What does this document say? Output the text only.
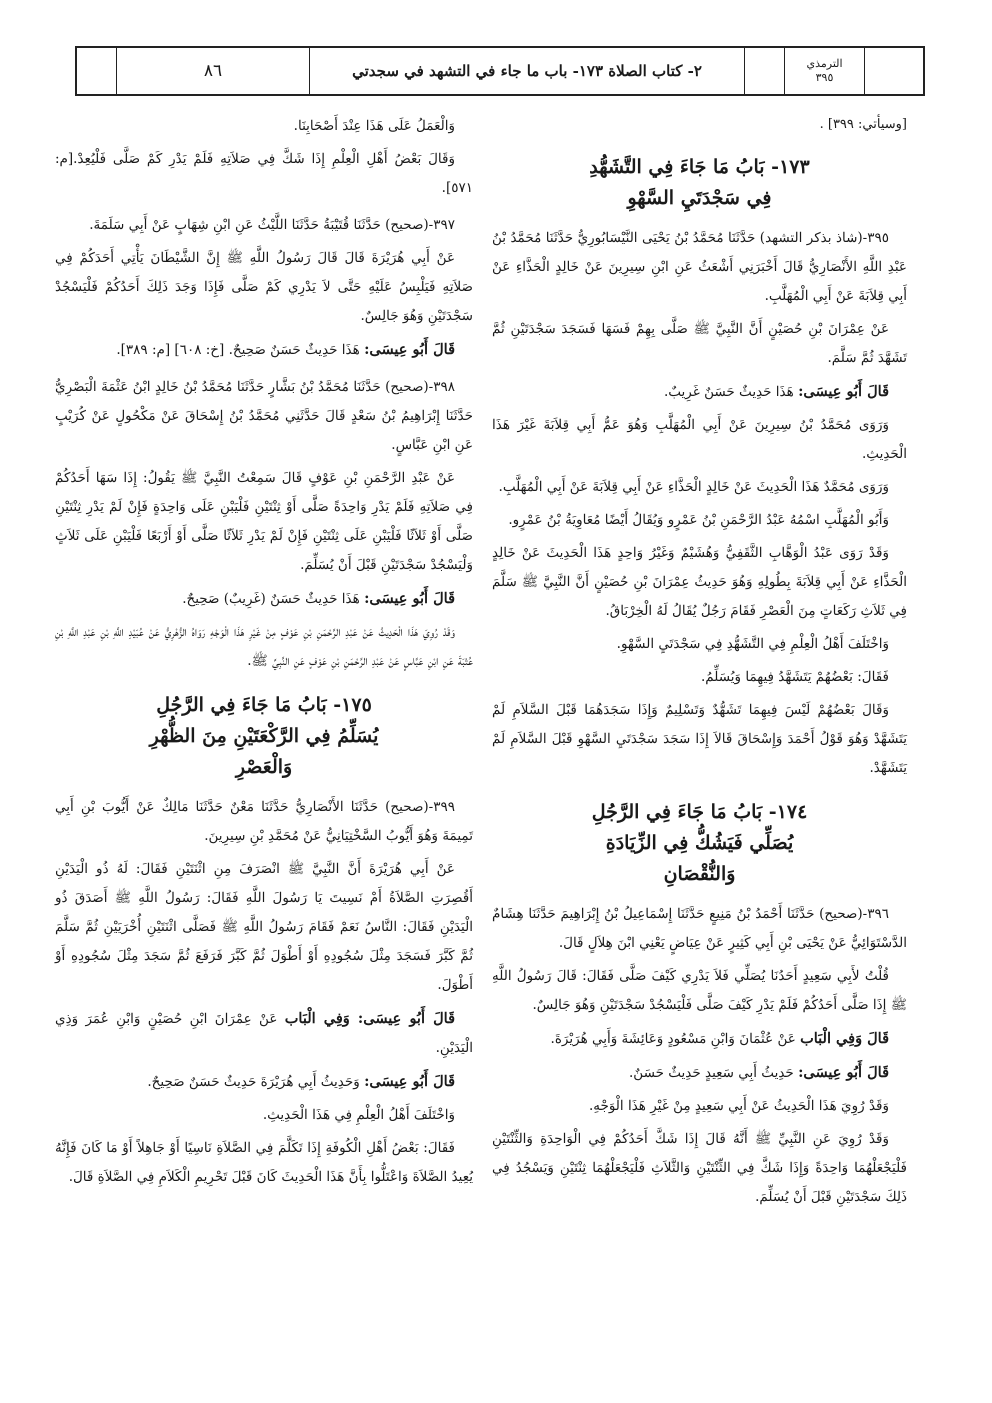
٨٦	٢- كتاب الصلاة ١٧٣- باب ما جاء في التشهد في سجدتي	الترمذي
٣٩٥
[وسيأتي: ٣٩٩] .
١٧٣- بَابُ مَا جَاءَ فِي التَّشَهُّدِ
فِي سَجْدَتَيِ السَّهْوِ

٣٩٥-(شاذ بذكر التشهد) حَدَّثَنَا مُحَمَّدُ بْنُ يَحْيَى النَّيْسَابُورِيُّ حَدَّثَنَا مُحَمَّدُ بْنُ عَبْدِ اللَّهِ الأَنْصَارِيُّ قَالَ أَخْبَرَنِي أَشْعَثُ عَنِ ابْنِ سِيرِينَ عَنْ خَالِدٍ الْحَذَّاءِ عَنْ أَبِي قِلاَبَةَ عَنْ أَبِي الْمُهَلَّبِ.

عَنْ عِمْرَانَ بْنِ حُصَيْنٍ أَنَّ النَّبِيَّ ﷺ صَلَّى بِهِمْ فَسَهَا فَسَجَدَ سَجْدَتَيْنِ ثُمَّ تَشَهَّدَ ثُمَّ سَلَّمَ.

قَالَ أَبُو عِيسَى: هَذَا حَدِيثٌ حَسَنٌ غَرِيبٌ.

وَرَوَى مُحَمَّدُ بْنُ سِيرِينَ عَنْ أَبِي الْمُهَلَّبِ وَهُوَ عَمُّ أَبِي قِلاَبَةَ غَيْرَ هَذَا الْحَدِيثِ.

وَرَوَى مُحَمَّدٌ هَذَا الْحَدِيثَ عَنْ خَالِدٍ الْحَذَّاءِ عَنْ أَبِي قِلاَبَةَ عَنْ أَبِي الْمُهَلَّبِ.

وَأَبُو الْمُهَلَّبِ اسْمُهُ عَبْدُ الرَّحْمَنِ بْنُ عَمْرٍو وَيُقَالُ أَيْضًا مُعَاوِيَةُ بْنُ عَمْرٍو.

وَقَدْ رَوَى عَبْدُ الْوَهَّابِ الثَّقَفِيُّ وَهُشَيْمٌ وَغَيْرُ وَاحِدٍ هَذَا الْحَدِيثَ عَنْ خَالِدٍ الْحَذَّاءِ عَنْ أَبِي قِلاَبَةَ بِطُولِهِ وَهُوَ حَدِيثُ عِمْرَانَ بْنِ حُصَيْنٍ أَنَّ النَّبِيَّ ﷺ سَلَّمَ فِي ثَلاَثِ رَكَعَاتٍ مِنَ الْعَصْرِ فَقَامَ رَجُلٌ يُقَالُ لَهُ الْخِرْبَاقُ.

وَاخْتَلَفَ أَهْلُ الْعِلْمِ فِي التَّشَهُّدِ فِي سَجْدَتَيِ السَّهْوِ.

فَقَالَ: بَعْضُهُمْ يَتَشَهَّدُ فِيهِمَا وَيُسَلِّمُ.

وَقَالَ بَعْضُهُمْ لَيْسَ فِيهِمَا تَشَهُّدٌ وَتَسْلِيمٌ وَإِذَا سَجَدَهُمَا قَبْلَ السَّلاَمِ لَمْ يَتَشَهَّدْ وَهُوَ قَوْلُ أَحْمَدَ وَإِسْحَاقَ قَالاَ إِذَا سَجَدَ سَجْدَتَيِ السَّهْوِ قَبْلَ السَّلاَمِ لَمْ يَتَشَهَّدْ.

١٧٤- بَابُ مَا جَاءَ فِي الرَّجُلِ
يُصَلِّي فَيَشُكُّ فِي الزِّيَادَةِ
وَالنُّقْصَانِ

٣٩٦-(صحيح) حَدَّثَنَا أَحْمَدُ بْنُ مَنِيعٍ حَدَّثَنَا إِسْمَاعِيلُ بْنُ إِبْرَاهِيمَ حَدَّثَنَا هِشَامٌ الدَّسْتَوَائِيُّ عَنْ يَحْيَى بْنِ أَبِي كَثِيرٍ عَنْ عِيَاضٍ يَعْنِي ابْنَ هِلاَلٍ قَالَ.

قُلْتُ لأَبِي سَعِيدٍ أَحَدُنَا يُصَلِّي فَلاَ يَدْرِي كَيْفَ صَلَّى فَقَالَ: قَالَ رَسُولُ اللَّهِ ﷺ إِذَا صَلَّى أَحَدُكُمْ فَلَمْ يَدْرِ كَيْفَ صَلَّى فَلْيَسْجُدْ سَجْدَتَيْنِ وَهُوَ جَالِسٌ.

قَالَ وَفِي الْبَاب عَنْ عُثْمَانَ وَابْنِ مَسْعُودٍ وَعَائِشَةَ وَأَبِي هُرَيْرَةَ.

قَالَ أَبُو عِيسَى: حَدِيثُ أَبِي سَعِيدٍ حَدِيثٌ حَسَنٌ.

وَقَدْ رُوِيَ هَذَا الْحَدِيثُ عَنْ أَبِي سَعِيدٍ مِنْ غَيْرِ هَذَا الْوَجْهِ.

وَقَدْ رُوِيَ عَنِ النَّبِيِّ ﷺ أَنَّهُ قَالَ إِذَا شَكَّ أَحَدُكُمْ فِي الْوَاحِدَةِ وَالثِّنْتَيْنِ فَلْيَجْعَلْهُمَا وَاحِدَةً وَإِذَا شَكَّ فِي الثِّنْتَيْنِ وَالثَّلاَثِ فَلْيَجْعَلْهُمَا ثِنْتَيْنِ وَيَسْجُدُ فِي ذَلِكَ سَجْدَتَيْنِ قَبْلَ أَنْ يُسَلِّمَ.

وَالْعَمَلُ عَلَى هَذَا عِنْدَ أَصْحَابِنَا.

وَقَالَ بَعْضُ أَهْلِ الْعِلْمِ إِذَا شَكَّ فِي صَلاَتِهِ فَلَمْ يَدْرِ كَمْ صَلَّى فَلْيُعِدْ.[م: ٥٧١].

٣٩٧-(صحيح) حَدَّثَنَا قُتَيْبَةُ حَدَّثَنَا اللَّيْثُ عَنِ ابْنِ شِهَابٍ عَنْ أَبِي سَلَمَةَ.

عَنْ أَبِي هُرَيْرَةَ قَالَ قَالَ رَسُولُ اللَّهِ ﷺ إِنَّ الشَّيْطَانَ يَأْتِي أَحَدَكُمْ فِي صَلاَتِهِ فَيَلْبِسُ عَلَيْهِ حَتَّى لاَ يَدْرِي كَمْ صَلَّى فَإِذَا وَجَدَ ذَلِكَ أَحَدُكُمْ فَلْيَسْجُدْ سَجْدَتَيْنِ وَهُوَ جَالِسٌ.

قَالَ أَبُو عِيسَى: هَذَا حَدِيثٌ حَسَنٌ صَحِيحٌ. [خ: ٦٠٨] [م: ٣٨٩].

٣٩٨-(صحيح) حَدَّثَنَا مُحَمَّدُ بْنُ بَشَّارٍ حَدَّثَنَا مُحَمَّدُ بْنُ خَالِدٍ ابْنُ عَثْمَةَ الْبَصْرِيُّ حَدَّثَنَا إِبْرَاهِيمُ بْنُ سَعْدٍ قَالَ حَدَّثَنِي مُحَمَّدُ بْنُ إِسْحَاقَ عَنْ مَكْحُولٍ عَنْ كُرَيْبٍ عَنِ ابْنِ عَبَّاسٍ.

عَنْ عَبْدِ الرَّحْمَنِ بْنِ عَوْفٍ قَالَ سَمِعْتُ النَّبِيَّ ﷺ يَقُولُ: إِذَا سَهَا أَحَدُكُمْ فِي صَلاَتِهِ فَلَمْ يَدْرِ وَاحِدَةً صَلَّى أَوْ ثِنْتَيْنِ فَلْيَبْنِ عَلَى وَاحِدَةٍ فَإِنْ لَمْ يَدْرِ ثِنْتَيْنِ صَلَّى أَوْ ثَلاَثًا فَلْيَبْنِ عَلَى ثِنْتَيْنِ فَإِنْ لَمْ يَدْرِ ثَلاَثًا صَلَّى أَوْ أَرْبَعًا فَلْيَبْنِ عَلَى ثَلاَثٍ وَلْيَسْجُدْ سَجْدَتَيْنِ قَبْلَ أَنْ يُسَلِّمَ.

قَالَ أَبُو عِيسَى: هَذَا حَدِيثٌ حَسَنٌ (غَرِيبٌ) صَحِيحٌ.

وَقَدْ رُوِيَ هَذَا الْحَدِيثُ عَنْ عَبْدِ الرَّحْمَنِ بْنِ عَوْفٍ مِنْ غَيْرِ هَذَا الْوَجْهِ رَوَاهُ الزُّهْرِيُّ عَنْ عُبَيْدِ اللَّهِ بْنِ عَبْدِ اللَّهِ بْنِ عُتْبَةَ عَنِ ابْنِ عَبَّاسٍ عَنْ عَبْدِ الرَّحْمَنِ بْنِ عَوْفٍ عَنِ النَّبِيِّ ﷺ.

١٧٥- بَابُ مَا جَاءَ فِي الرَّجُلِ
يُسَلِّمُ فِي الرَّكْعَتَيْنِ مِنَ الظُّهْرِ
وَالْعَصْرِ

٣٩٩-(صحيح) حَدَّثَنَا الأَنْصَارِيُّ حَدَّثَنَا مَعْنٌ حَدَّثَنَا مَالِكٌ عَنْ أَيُّوبَ بْنِ أَبِي تَمِيمَةَ وَهُوَ أَيُّوبُ السَّخْتِيَانِيُّ عَنْ مُحَمَّدِ بْنِ سِيرِينَ.

عَنْ أَبِي هُرَيْرَةَ أَنَّ النَّبِيَّ ﷺ انْصَرَفَ مِنِ اثْنَتَيْنِ فَقَالَ: لَهُ ذُو الْيَدَيْنِ أَقُصِرَتِ الصَّلاَةُ أَمْ نَسِيتَ يَا رَسُولَ اللَّهِ فَقَالَ: رَسُولُ اللَّهِ ﷺ أَصَدَقَ ذُو الْيَدَيْنِ فَقَالَ: النَّاسُ نَعَمْ فَقَامَ رَسُولُ اللَّهِ ﷺ فَصَلَّى اثْنَتَيْنِ أُخْرَيَيْنِ ثُمَّ سَلَّمَ ثُمَّ كَبَّرَ فَسَجَدَ مِثْلَ سُجُودِهِ أَوْ أَطْوَلَ ثُمَّ كَبَّرَ فَرَفَعَ ثُمَّ سَجَدَ مِثْلَ سُجُودِهِ أَوْ أَطْوَلَ.

قَالَ أَبُو عِيسَى: وَفِي الْبَاب عَنْ عِمْرَانَ ابْنِ حُصَيْنٍ وَابْنِ عُمَرَ وَذِي الْيَدَيْنِ.

قَالَ أَبُو عِيسَى: وَحَدِيثُ أَبِي هُرَيْرَةَ حَدِيثٌ حَسَنٌ صَحِيحٌ.

وَاخْتَلَفَ أَهْلُ الْعِلْمِ فِي هَذَا الْحَدِيثِ.

فَقَالَ: بَعْضُ أَهْلِ الْكُوفَةِ إِذَا تَكَلَّمَ فِي الصَّلاَةِ نَاسِيًا أَوْ جَاهِلاً أَوْ مَا كَانَ فَإِنَّهُ يُعِيدُ الصَّلاَةَ وَاعْتَلُّوا بِأَنَّ هَذَا الْحَدِيثَ كَانَ قَبْلَ تَحْرِيمِ الْكَلاَمِ فِي الصَّلاَةِ قَالَ.
